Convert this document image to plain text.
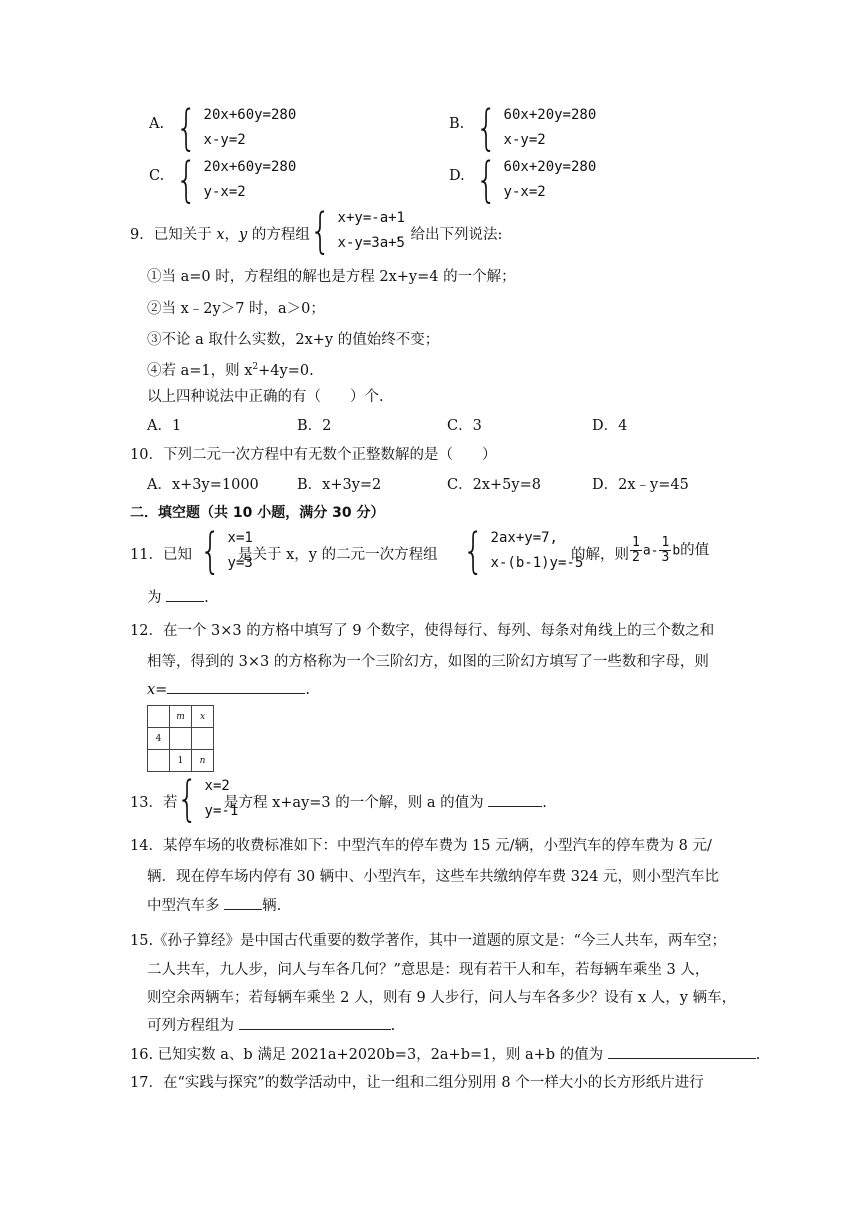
A. { 20x+60y=280
x-y=2
B. { 60x+20y=280
x-y=2
C. { 20x+60y=280
y-x=2
D. { 60x+20y=280
y-x=2
9．已知关于 x，y 的方程组 { x+y=-a+1
x-y=3a+5
，给出下列说法:
①当 a=0 时，方程组的解也是方程 2x+y=4 的一个解；
②当 x﹣2y＞7 时，a＞0；
③不论 a 取什么实数，2x+y 的值始终不变；
④若 a=1，则 $x^2+4y=0$.
以上四种说法中正确的有（　　）个.
A．1	B．2	C．3	D．4
10．下列二元一次方程中有无数个正整数解的是（　　）
A．x+3y=1000	B．x+3y=2	C．2x+5y=8	D．2x﹣y=45
二．填空题（共 10 小题，满分 30 分）
11．已知 { x=1
y=3
是关于 x，y 的二元一次方程组 { 2ax+y=7,
x-(b-1)y=-5
的解，则 $\frac{1}{2} a- \frac{1}{3}$ b的值
为	.
12．在一个 3×3 的方格中填写了 9 个数字，使得每行、每列、每条对角线上的三个数之和
相等，得到的 3×3 的方格称为一个三阶幻方，如图的三阶幻方填写了一些数和字母，则
x=	.
	m	x
4		
	1	n
13．若 { x=2
y=-1
是方程 x+ay=3 的一个解，则 a 的值为	.
14．某停车场的收费标准如下：中型汽车的停车费为 15 元/辆，小型汽车的停车费为 8 元/
辆．现在停车场内停有 30 辆中、小型汽车，这些车共缴纳停车费 324 元，则小型汽车比
中型汽车多	辆.
15.《孙子算经》是中国古代重要的数学著作，其中一道题的原文是：“今三人共车，两车空；
二人共车，九人步，问人与车各几何？”意思是：现有若干人和车，若每辆车乘坐 3 人，
则空余两辆车；若每辆车乘坐 2 人，则有 9 人步行，问人与车各多少？设有 x 人，y 辆车，
可列方程组为	.
16. 已知实数 a、b 满足 2021a+2020b=3，2a+b=1，则 a+b 的值为	.
17．在“实践与探究”的数学活动中，让一组和二组分别用 8 个一样大小的长方形纸片进行
